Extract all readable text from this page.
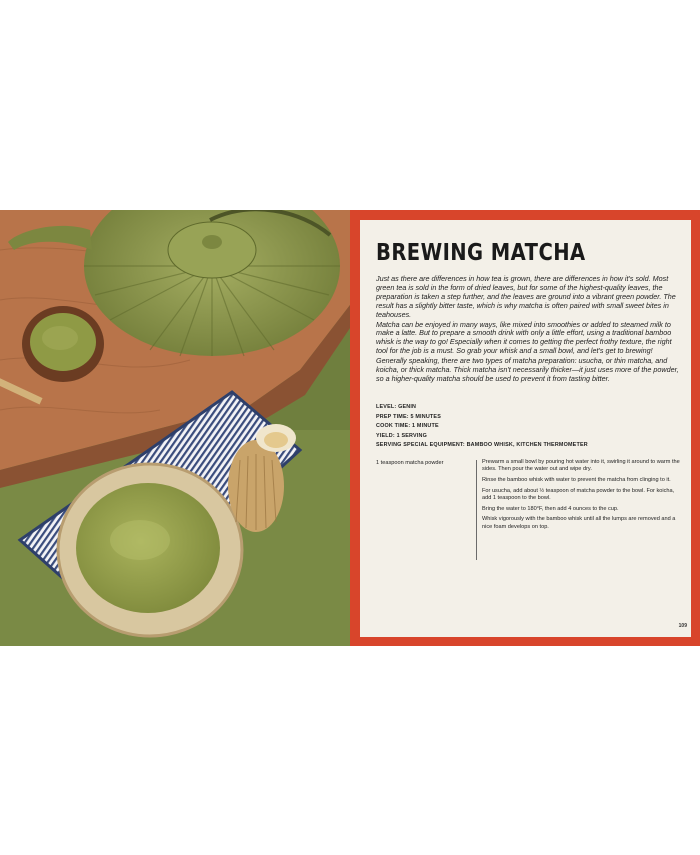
BREWING MATCHA

Just as there are differences in how tea is grown, there are differences in how it's sold. Most green tea is sold in the form of dried leaves, but for some of the highest-quality leaves, the preparation is taken a step further, and the leaves are ground into a vibrant green powder. The result has a slightly bitter taste, which is why matcha is often paired with small sweet bites in teahouses.

Matcha can be enjoyed in many ways, like mixed into smoothies or added to steamed milk to make a latte. But to prepare a smooth drink with only a little effort, using a traditional bamboo whisk is the way to go! Especially when it comes to getting the perfect frothy texture, the right tool for the job is a must. So grab your whisk and a small bowl, and let's get to brewing!

Generally speaking, there are two types of matcha preparation: usucha, or thin matcha, and koicha, or thick matcha. Thick matcha isn't necessarily thicker—it just uses more of the powder, so a higher-quality matcha should be used to prevent it from tasting bitter.

LEVEL: GENIN
PREP TIME: 5 MINUTES
COOK TIME: 1 MINUTE
YIELD: 1 SERVING
SERVING SPECIAL EQUIPMENT: BAMBOO WHISK, KITCHEN THERMOMETER
1 teaspoon matcha powder	Prewarm a small bowl by pouring hot water into it, swirling it around to warm the sides. Then pour the water out and wipe dry.
Rinse the bamboo whisk with water to prevent the matcha from clinging to it.
For usucha, add about ½ teaspoon of matcha powder to the bowl. For koicha, add 1 teaspoon to the bowl.
Bring the water to 180°F, then add 4 ounces to the cup.
Whisk vigorously with the bamboo whisk until all the lumps are removed and a nice foam develops on top.
109
